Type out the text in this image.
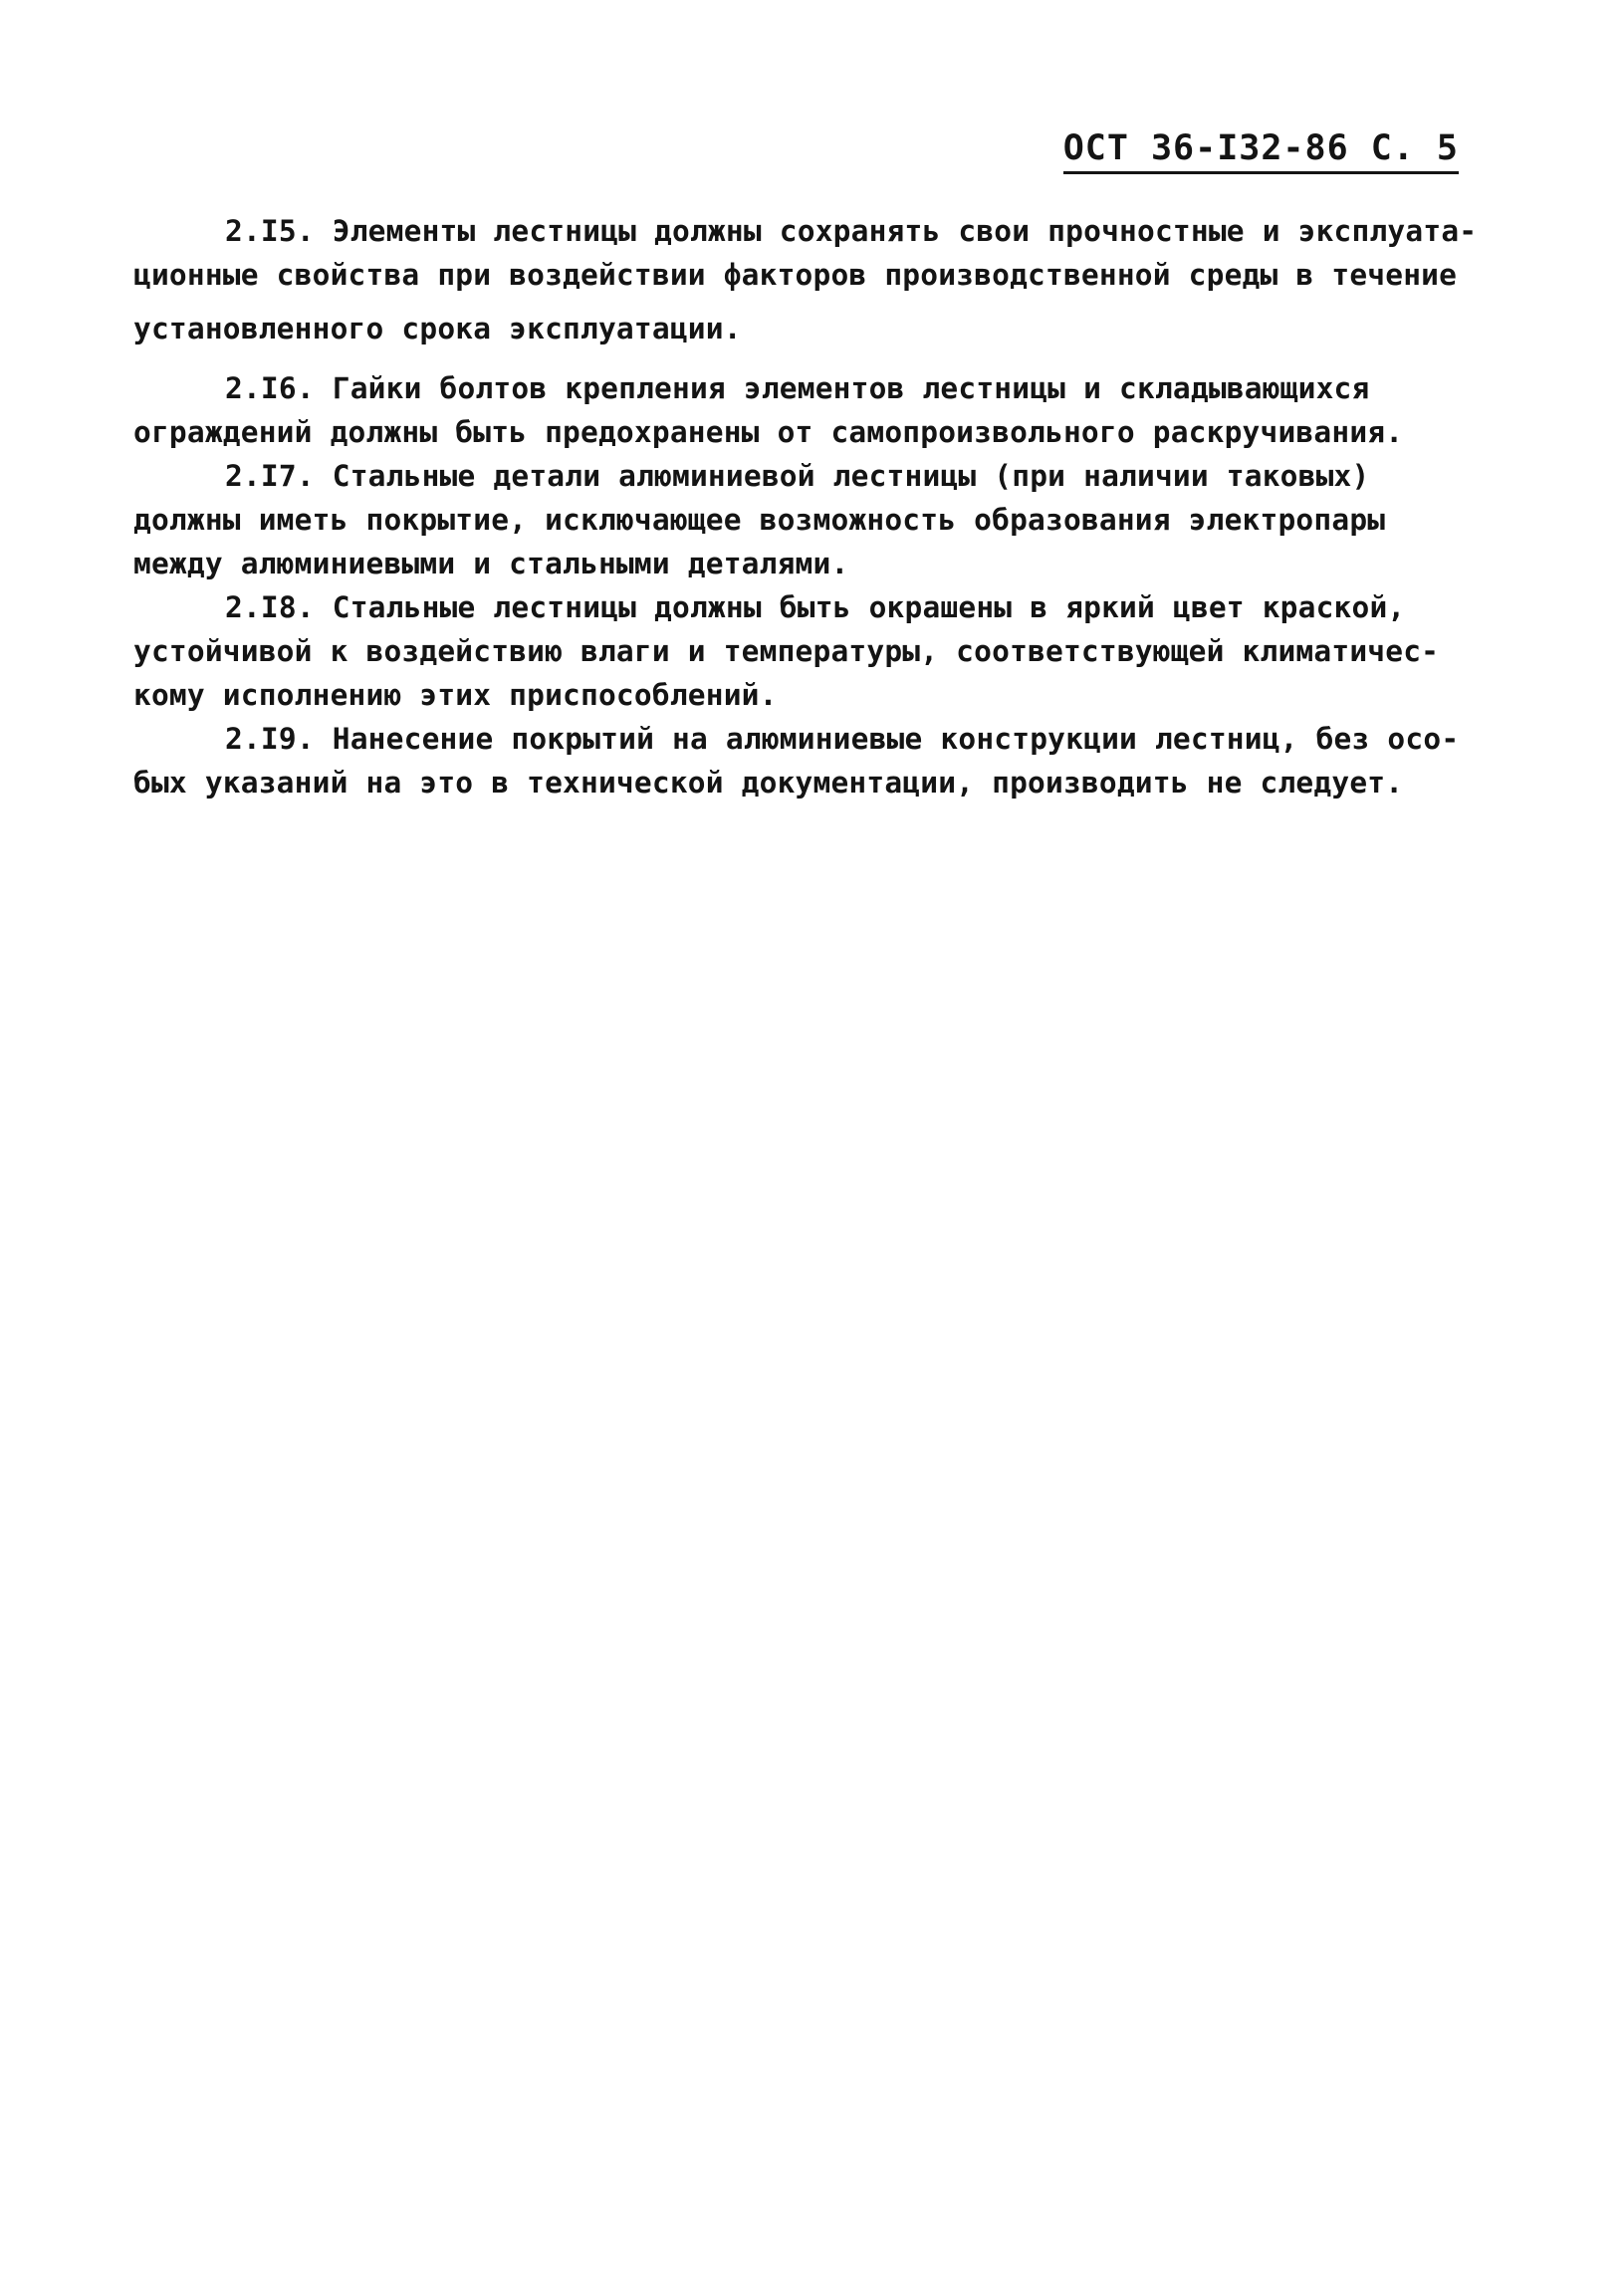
ОСТ 36-I32-86 С. 5
2.I5. Элементы лестницы должны сохранять свои прочностные и эксплуата-
ционные свойства при воздействии факторов производственной среды в течение
установленного срока эксплуатации.
2.I6. Гайки болтов крепления элементов лестницы и складывающихся
ограждений должны быть предохранены от самопроизвольного раскручивания.
2.I7. Стальные детали алюминиевой лестницы (при наличии таковых)
должны иметь покрытие, исключающее возможность образования электропары
между алюминиевыми и стальными деталями.
2.I8. Стальные лестницы должны быть окрашены в яркий цвет краской,
устойчивой к воздействию влаги и температуры, соответствующей климатичес-
кому исполнению этих приспособлений.
2.I9. Нанесение покрытий на алюминиевые конструкции лестниц, без осо-
бых указаний на это в технической документации, производить не следует.
